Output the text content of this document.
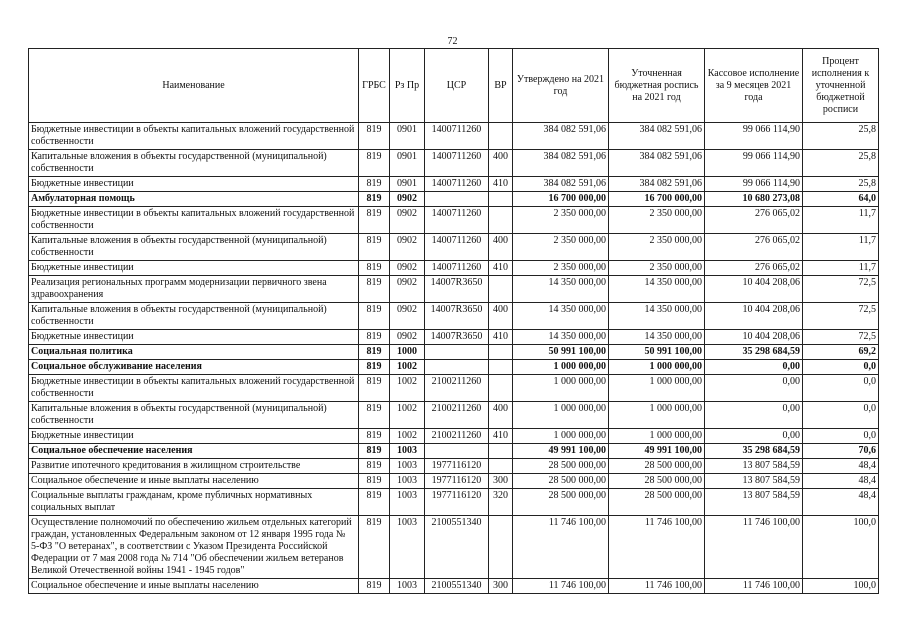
72
Наименование	ГРБС	Рз Пр	ЦСР	ВР	Утверждено на 2021 год	Уточненная бюджетная роспись на 2021 год	Кассовое исполнение за 9 месяцев 2021 года	Процент исполнения к уточненной бюджетной росписи
Бюджетные инвестиции в объекты капитальных вложений государственной собственности	819	0901	1400711260		384 082 591,06	384 082 591,06	99 066 114,90	25,8
Капитальные вложения в объекты государственной (муниципальной) собственности	819	0901	1400711260	400	384 082 591,06	384 082 591,06	99 066 114,90	25,8
Бюджетные инвестиции	819	0901	1400711260	410	384 082 591,06	384 082 591,06	99 066 114,90	25,8
Амбулаторная помощь	819	0902			16 700 000,00	16 700 000,00	10 680 273,08	64,0
Бюджетные инвестиции в объекты капитальных вложений государственной собственности	819	0902	1400711260		2 350 000,00	2 350 000,00	276 065,02	11,7
Капитальные вложения в объекты государственной (муниципальной) собственности	819	0902	1400711260	400	2 350 000,00	2 350 000,00	276 065,02	11,7
Бюджетные инвестиции	819	0902	1400711260	410	2 350 000,00	2 350 000,00	276 065,02	11,7
Реализация региональных программ модернизации первичного звена здравоохранения	819	0902	14007R3650		14 350 000,00	14 350 000,00	10 404 208,06	72,5
Капитальные вложения в объекты государственной (муниципальной) собственности	819	0902	14007R3650	400	14 350 000,00	14 350 000,00	10 404 208,06	72,5
Бюджетные инвестиции	819	0902	14007R3650	410	14 350 000,00	14 350 000,00	10 404 208,06	72,5
Социальная политика	819	1000			50 991 100,00	50 991 100,00	35 298 684,59	69,2
Социальное обслуживание населения	819	1002			1 000 000,00	1 000 000,00	0,00	0,0
Бюджетные инвестиции в объекты капитальных вложений государственной собственности	819	1002	2100211260		1 000 000,00	1 000 000,00	0,00	0,0
Капитальные вложения в объекты государственной (муниципальной) собственности	819	1002	2100211260	400	1 000 000,00	1 000 000,00	0,00	0,0
Бюджетные инвестиции	819	1002	2100211260	410	1 000 000,00	1 000 000,00	0,00	0,0
Социальное обеспечение населения	819	1003			49 991 100,00	49 991 100,00	35 298 684,59	70,6
Развитие ипотечного кредитования в жилищном строительстве	819	1003	1977116120		28 500 000,00	28 500 000,00	13 807 584,59	48,4
Социальное обеспечение и иные выплаты населению	819	1003	1977116120	300	28 500 000,00	28 500 000,00	13 807 584,59	48,4
Социальные выплаты гражданам, кроме публичных нормативных социальных выплат	819	1003	1977116120	320	28 500 000,00	28 500 000,00	13 807 584,59	48,4
Осуществление полномочий по обеспечению жильем отдельных категорий граждан, установленных Федеральным законом от 12 января 1995 года № 5-ФЗ "О ветеранах", в соответствии с Указом Президента Российской Федерации от 7 мая 2008 года № 714 "Об обеспечении жильем ветеранов Великой Отечественной войны 1941 - 1945 годов"	819	1003	2100551340		11 746 100,00	11 746 100,00	11 746 100,00	100,0
Социальное обеспечение и иные выплаты населению	819	1003	2100551340	300	11 746 100,00	11 746 100,00	11 746 100,00	100,0
